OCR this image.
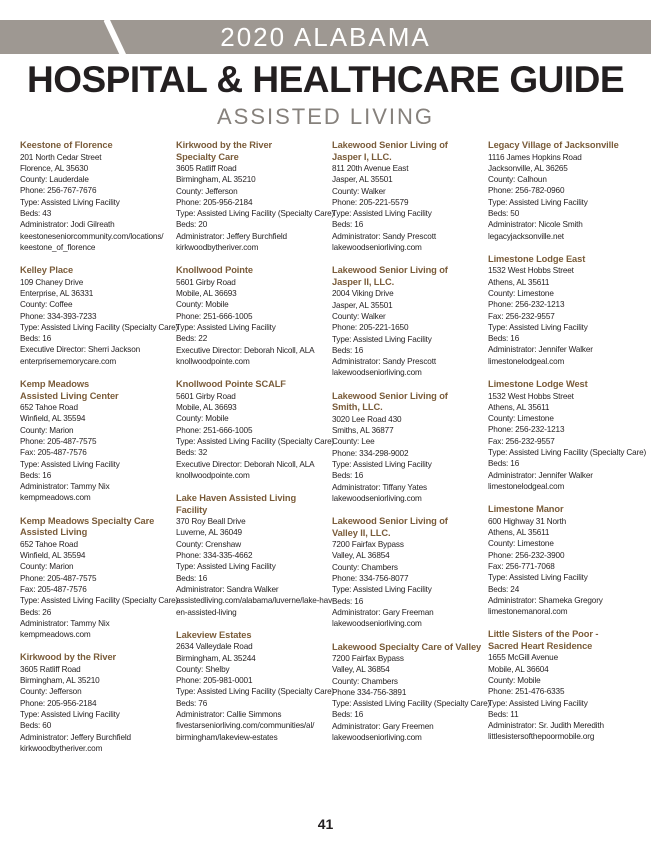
2020 ALABAMA
HOSPITAL & HEALTHCARE GUIDE
ASSISTED LIVING
Keestone of Florence
201 North Cedar Street
Florence, AL 35630
County: Lauderdale
Phone: 256-767-7676
Type: Assisted Living Facility
Beds: 43
Administrator: Jodi Gilreath
keestoneseniorcommunity.com/locations/
keestone_of_florence
Kelley Place
109 Chaney Drive
Enterprise, AL 36331
County: Coffee
Phone: 334-393-7233
Type: Assisted Living Facility (Specialty Care)
Beds: 16
Executive Director: Sherri Jackson
enterprisememorycare.com
Kemp Meadows
Assisted Living Center
652 Tahoe Road
Winfield, AL 35594
County: Marion
Phone: 205-487-7575
Fax: 205-487-7576
Type: Assisted Living Facility
Beds: 16
Administrator: Tammy Nix
kempmeadows.com
Kemp Meadows Specialty Care
Assisted Living
652 Tahoe Road
Winfield, AL 35594
County: Marion
Phone: 205-487-7575
Fax: 205-487-7576
Type: Assisted Living Facility (Specialty Care)
Beds: 26
Administrator: Tammy Nix
kempmeadows.com
Kirkwood by the River
3605 Ratliff Road
Birmingham, AL 35210
County: Jefferson
Phone: 205-956-2184
Type: Assisted Living Facility
Beds: 60
Administrator: Jeffery Burchfield
kirkwoodbytheriver.com
Kirkwood by the River
Specialty Care
3605 Ratliff Road
Birmingham, AL 35210
County: Jefferson
Phone: 205-956-2184
Type: Assisted Living Facility (Specialty Care)
Beds: 20
Administrator: Jeffery Burchfield
kirkwoodbytheriver.com
Knollwood Pointe
5601 Girby Road
Mobile, AL 36693
County: Mobile
Phone: 251-666-1005
Type: Assisted Living Facility
Beds: 22
Executive Director: Deborah Nicoll, ALA
knollwoodpointe.com
Knollwood Pointe SCALF
5601 Girby Road
Mobile, AL 36693
County: Mobile
Phone: 251-666-1005
Type: Assisted Living Facility (Specialty Care)
Beds: 32
Executive Director: Deborah Nicoll, ALA
knollwoodpointe.com
Lake Haven Assisted Living Facility
370 Roy Beall Drive
Luverne, AL 36049
County: Crenshaw
Phone: 334-335-4662
Type: Assisted Living Facility
Beds: 16
Administrator: Sandra Walker
assistedliving.com/alabama/luverne/lake-hav-
en-assisted-living
Lakeview Estates
2634 Valleydale Road
Birmingham, AL 35244
County: Shelby
Phone: 205-981-0001
Type: Assisted Living Facility (Specialty Care)
Beds: 76
Administrator: Callie Simmons
fivestarseniorliving.com/communities/al/
birmingham/lakeview-estates
Lakewood Senior Living of
Jasper I, LLC.
811 20th Avenue East
Jasper, AL 35501
County: Walker
Phone: 205-221-5579
Type: Assisted Living Facility
Beds: 16
Administrator: Sandy Prescott
lakewoodseniorliving.com
Lakewood Senior Living of
Jasper II, LLC.
2004 Viking Drive
Jasper, AL 35501
County: Walker
Phone: 205-221-1650
Type: Assisted Living Facility
Beds: 16
Administrator: Sandy Prescott
lakewoodseniorliving.com
Lakewood Senior Living of
Smith, LLC.
3020 Lee Road 430
Smiths, AL 36877
County: Lee
Phone: 334-298-9002
Type: Assisted Living Facility
Beds: 16
Administrator: Tiffany Yates
lakewoodseniorliving.com
Lakewood Senior Living of
Valley II, LLC.
7200 Fairfax Bypass
Valley, AL 36854
County: Chambers
Phone: 334-756-8077
Type: Assisted Living Facility
Beds: 16
Administrator: Gary Freeman
lakewoodseniorliving.com
Lakewood Specialty Care of Valley
7200 Fairfax Bypass
Valley, AL 36854
County: Chambers
Phone 334-756-3891
Type: Assisted Living Facility (Specialty Care)
Beds: 16
Administrator: Gary Freemen
lakewoodseniorliving.com
Legacy Village of Jacksonville
1116 James Hopkins Road
Jacksonville, AL 36265
County: Calhoun
Phone: 256-782-0960
Type: Assisted Living Facility
Beds: 50
Administrator: Nicole Smith
legacyjacksonville.net
Limestone Lodge East
1532 West Hobbs Street
Athens, AL 35611
County: Limestone
Phone: 256-232-1213
Fax: 256-232-9557
Type: Assisted Living Facility
Beds: 16
Administrator: Jennifer Walker
limestonelodgeal.com
Limestone Lodge West
1532 West Hobbs Street
Athens, AL 35611
County: Limestone
Phone: 256-232-1213
Fax: 256-232-9557
Type: Assisted Living Facility (Specialty Care)
Beds: 16
Administrator: Jennifer Walker
limestonelodgeal.com
Limestone Manor
600 Highway 31 North
Athens, AL 35611
County: Limestone
Phone: 256-232-3900
Fax: 256-771-7068
Type: Assisted Living Facility
Beds: 24
Administrator: Shameka Gregory
limestonemanoral.com
Little Sisters of the Poor -
Sacred Heart Residence
1655 McGill Avenue
Mobile, AL 36604
County: Mobile
Phone: 251-476-6335
Type: Assisted Living Facility
Beds: 11
Administrator: Sr. Judith Meredith
littlesistersofthepoormobile.org
41
